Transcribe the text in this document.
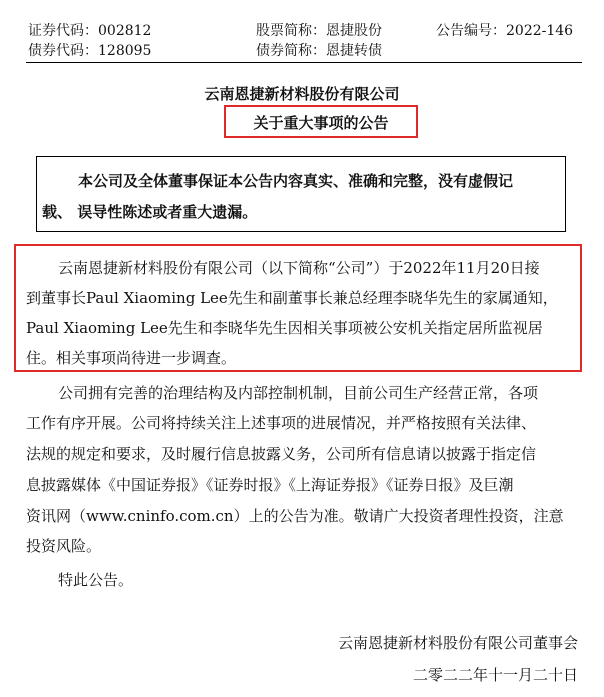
证券代码：002812
债券代码：128095
股票简称：恩捷股份
债券简称：恩捷转债
公告编号：2022-146
云南恩捷新材料股份有限公司
关于重大事项的公告
本公司及全体董事保证本公告内容真实、准确和完整，没有虚假记
载、 误导性陈述或者重大遗漏。
云南恩捷新材料股份有限公司（以下简称“公司”）于2022年11月20日接
到董事长Paul Xiaoming Lee先生和副董事长兼总经理李晓华先生的家属通知，
Paul Xiaoming Lee先生和李晓华先生因相关事项被公安机关指定居所监视居
住。相关事项尚待进一步调查。
公司拥有完善的治理结构及内部控制机制，目前公司生产经营正常，各项
工作有序开展。公司将持续关注上述事项的进展情况，并严格按照有关法律、
法规的规定和要求，及时履行信息披露义务，公司所有信息请以披露于指定信
息披露媒体《中国证券报》《证券时报》《上海证券报》《证券日报》及巨潮
资讯网（www.cninfo.com.cn）上的公告为准。敬请广大投资者理性投资，注意
投资风险。
特此公告。
云南恩捷新材料股份有限公司董事会
二零二二年十一月二十日
